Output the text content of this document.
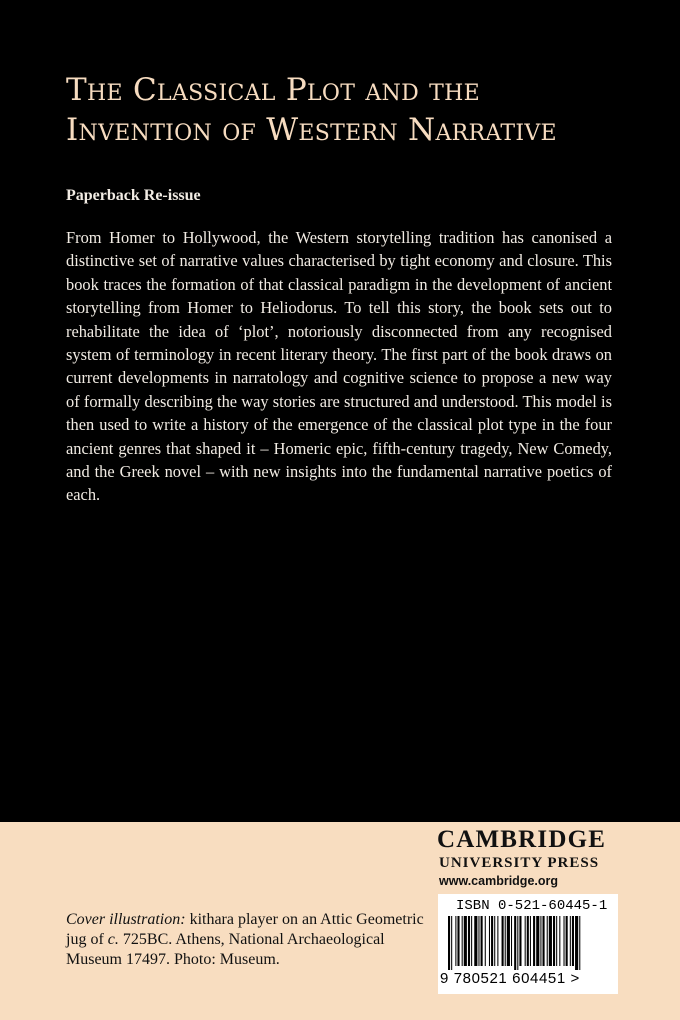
The Classical Plot and the
Invention of Western Narrative
Paperback Re-issue

From Homer to Hollywood, the Western storytelling tradition has canonised a distinctive set of narrative values characterised by tight economy and closure. This book traces the formation of that classical paradigm in the development of ancient storytelling from Homer to Heliodorus. To tell this story, the book sets out to rehabilitate the idea of ‘plot’, notoriously disconnected from any recognised system of terminology in recent literary theory. The first part of the book draws on current developments in narratology and cognitive science to propose a new way of formally describing the way stories are structured and understood. This model is then used to write a history of the emergence of the classical plot type in the four ancient genres that shaped it – Homeric epic, fifth-century tragedy, New Comedy, and the Greek novel – with new insights into the fundamental narrative poetics of each.

Cover illustration: kithara player on an Attic Geometric jug of c. 725BC. Athens, National Archaeological Museum 17497. Photo: Museum.
CAMBRIDGE
UNIVERSITY PRESS
www.cambridge.org
ISBN 0-521-60445-1
9 780521 604451 >
